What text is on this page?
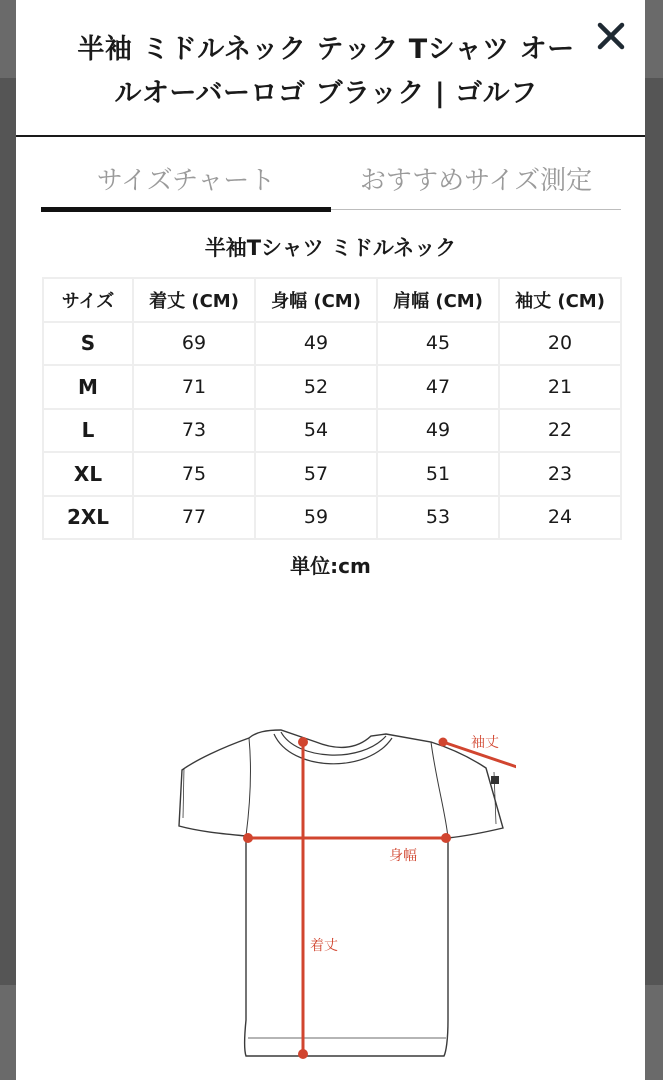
半袖 ミドルネック テック Tシャツ オールオーバーロゴ ブラック | ゴルフ
サイズチャート	おすすめサイズ測定
半袖Tシャツ ミドルネック
サイズ	着丈 (CM)	身幅 (CM)	肩幅 (CM)	袖丈 (CM)
S	69	49	45	20
M	71	52	47	21
L	73	54	49	22
XL	75	57	51	23
2XL	77	59	53	24
単位:cm
袖丈
身幅
着丈
